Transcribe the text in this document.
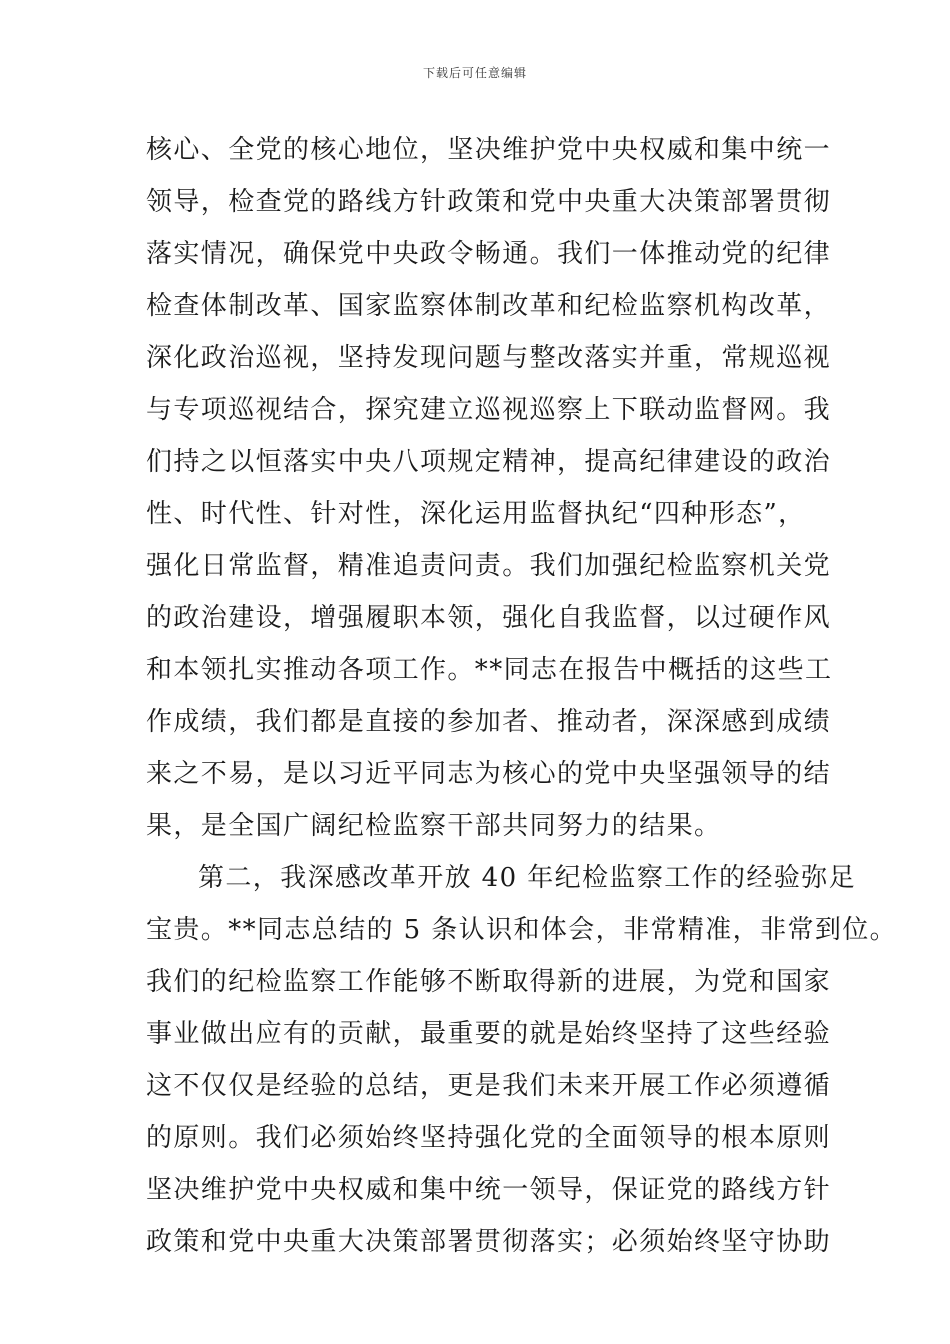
下载后可任意编辑
核心、全党的核心地位，坚决维护党中央权威和集中统一
领导，检查党的路线方针政策和党中央重大决策部署贯彻
落实情况，确保党中央政令畅通。我们一体推动党的纪律
检查体制改革、国家监察体制改革和纪检监察机构改革，
深化政治巡视，坚持发现问题与整改落实并重，常规巡视
与专项巡视结合，探究建立巡视巡察上下联动监督网。我
们持之以恒落实中央八项规定精神，提高纪律建设的政治
性、时代性、针对性，深化运用监督执纪“四种形态”，
强化日常监督，精准追责问责。我们加强纪检监察机关党
的政治建设，增强履职本领，强化自我监督，以过硬作风
和本领扎实推动各项工作。**同志在报告中概括的这些工
作成绩，我们都是直接的参加者、推动者，深深感到成绩
来之不易，是以习近平同志为核心的党中央坚强领导的结
果，是全国广阔纪检监察干部共同努力的结果。
第二，我深感改革开放 40 年纪检监察工作的经验弥足
宝贵。**同志总结的 5 条认识和体会，非常精准，非常到位。
我们的纪检监察工作能够不断取得新的进展，为党和国家
事业做出应有的贡献，最重要的就是始终坚持了这些经验
这不仅仅是经验的总结，更是我们未来开展工作必须遵循
的原则。我们必须始终坚持强化党的全面领导的根本原则
坚决维护党中央权威和集中统一领导，保证党的路线方针
政策和党中央重大决策部署贯彻落实；必须始终坚守协助
